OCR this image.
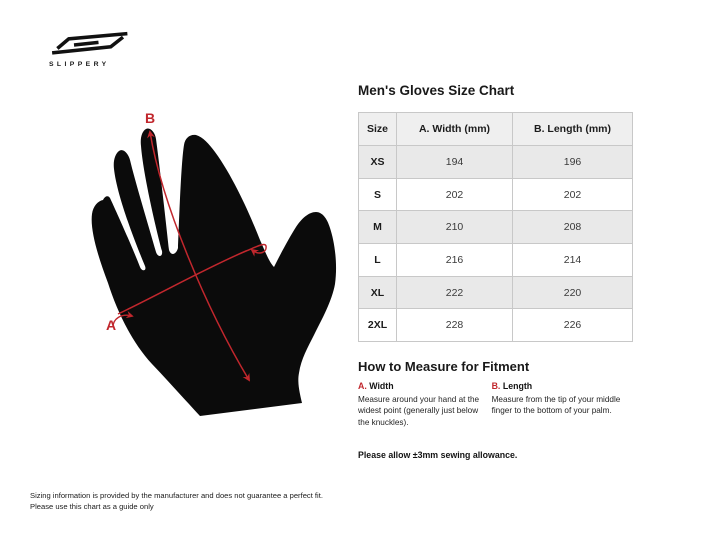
SLIPPERY
B
A
Men's Gloves Size Chart
Size	A. Width (mm)	B. Length (mm)
XS	194	196
S	202	202
M	210	208
L	216	214
XL	222	220
2XL	228	226
How to Measure for Fitment
A. Width

Measure around your hand at the widest point (generally just below the knuckles).

B. Length

Measure from the tip of your middle finger to the bottom of your palm.

Please allow ±3mm sewing allowance.
Sizing information is provided by the manufacturer and does not guarantee a perfect fit.
Please use this chart as a guide only
